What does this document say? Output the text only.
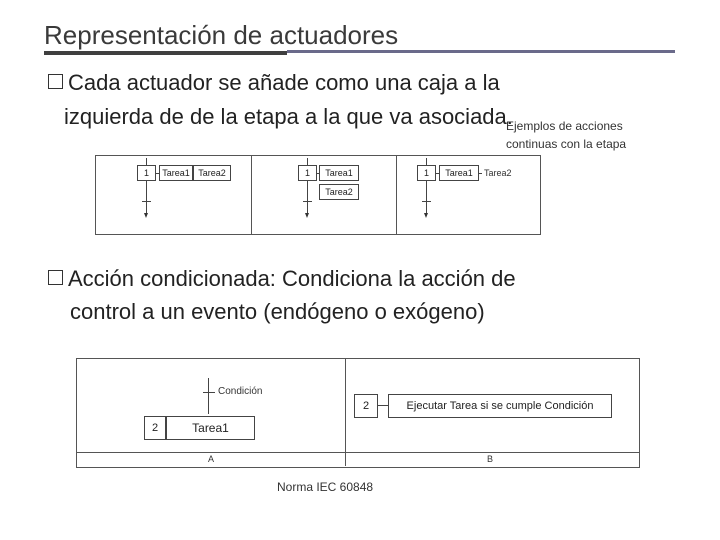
Representación de actuadores
Cada actuador se añade como una caja a la
izquierda de de la etapa a la que va asociada.
Ejemplos de acciones
continuas con la etapa
1	Tarea1 Tarea2	1	Tarea1
Tarea2
1	Tarea1	Tarea2
Acción condicionada: Condiciona la acción de
control a un evento (endógeno o exógeno)
Condición
2	Tarea1
A
2	Ejecutar Tarea si se cumple Condición
B
Norma IEC 60848
